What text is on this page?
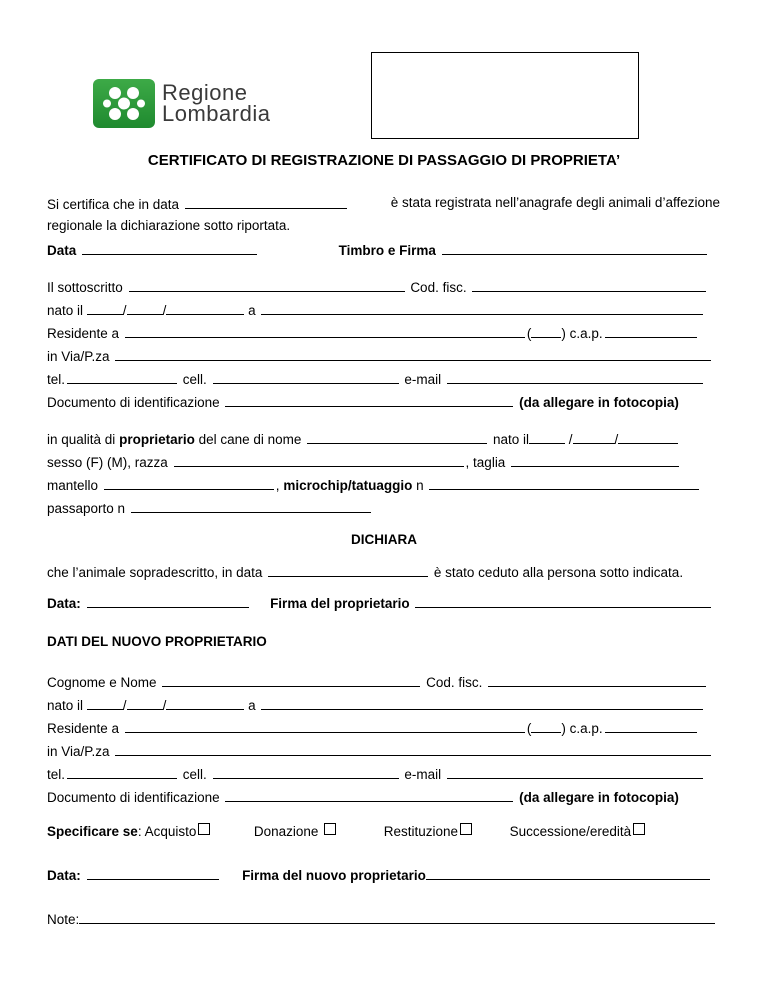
Regione
Lombardia
CERTIFICATO DI REGISTRAZIONE DI PASSAGGIO DI PROPRIETA’
Si certifica che in data	è stata registrata nell’anagrafe degli animali d’affezione
regionale la dichiarazione sotto riportata.
Data	Timbro e Firma
Il sottoscritto	Cod. fisc.
nato il	/	/	a
Residente a	( ) c.a.p.
in Via/P.za
tel.	cell.	e-mail
Documento di identificazione	(da allegare in fotocopia)
in qualità di proprietario del cane di nome	nato il	/	/
sesso (F) (M), razza	, taglia
mantello	, microchip/tatuaggio n
passaporto n
DICHIARA
che l’animale sopradescritto, in data	è stato ceduto alla persona sotto indicata.
Data:	Firma del proprietario
DATI DEL NUOVO PROPRIETARIO
Cognome e Nome	Cod. fisc.
nato il	/	/	a
Residente a	( ) c.a.p.
in Via/P.za
tel.	cell.	e-mail
Documento di identificazione	(da allegare in fotocopia)
Specificare se: Acquisto	Donazione	Restituzione	Successione/eredità
Data:	Firma del nuovo proprietario
Note:
